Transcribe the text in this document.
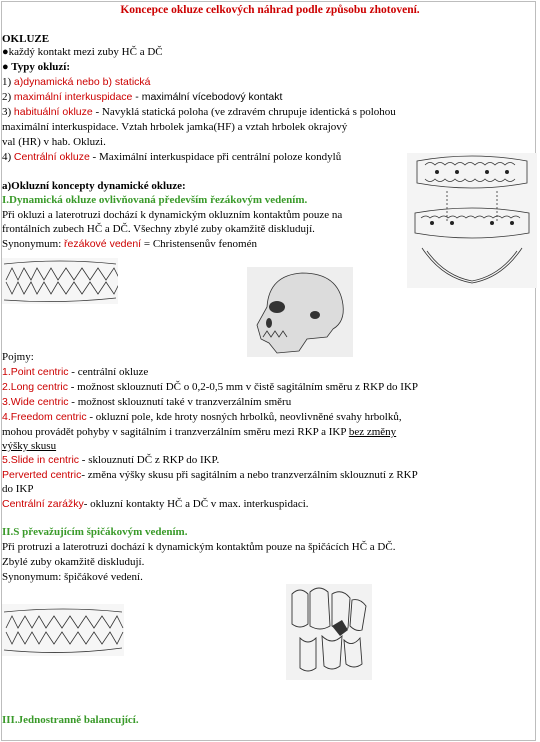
Koncepce okluze celkových náhrad podle způsobu zhotovení.
OKLUZE
●každý kontakt mezi zuby HČ a DČ
● Typy okluzí:
1) a)dynamická nebo b) statická
2) maximální interkuspidace - maximální vícebodový kontakt
3) habituální okluze - Navyklá statická poloha (ve zdravém chrupuje identická s polohou
maximální interkuspidace. Vztah hrbolek jamka(HF) a vztah hrbolek okrajový
val (HR) v hab. Okluzi.
4) Centrální okluze - Maximální interkuspidace při centrální poloze kondylů
a)Okluzní koncepty dynamické okluze:
I.Dynamická okluze ovlivňovaná především řezákovým vedením.
Při okluzi a laterotruzi dochází k dynamickým okluzním kontaktům pouze na
frontálních zubech HČ a DČ. Všechny zbylé zuby okamžitě diskludují.
Synonymum: řezákové vedení = Christensenův fenomén
Pojmy:
1.Point centric - centrální okluze
2.Long centric - možnost sklouznutí DČ o 0,2-0,5 mm v čistě sagitálním směru z RKP do IKP
3.Wide centric - možnost sklouznutí také v tranzverzálním směru
4.Freedom centric - okluzní pole, kde hroty nosných hrbolků, neovlivněné svahy hrbolků,
mohou provádět pohyby v sagitálním i tranzverzálním směru mezi RKP a IKP bez změny
výšky skusu
5.Slide in centric - sklouznutí DČ z RKP do IKP.
Perverted centric- změna výšky skusu při sagitálním a nebo tranzverzálním sklouznutí z RKP
do IKP
Centrální zarážky- okluzní kontakty HČ a DČ v max. interkuspidaci.
II.S převažujícím špičákovým vedením.
Při protruzi a laterotruzi dochází k dynamickým kontaktům pouze na špičácích HČ a DČ.
Zbylé zuby okamžitě diskludují.
Synonymum: špičákové vedení.
III.Jednostranně balancující.
